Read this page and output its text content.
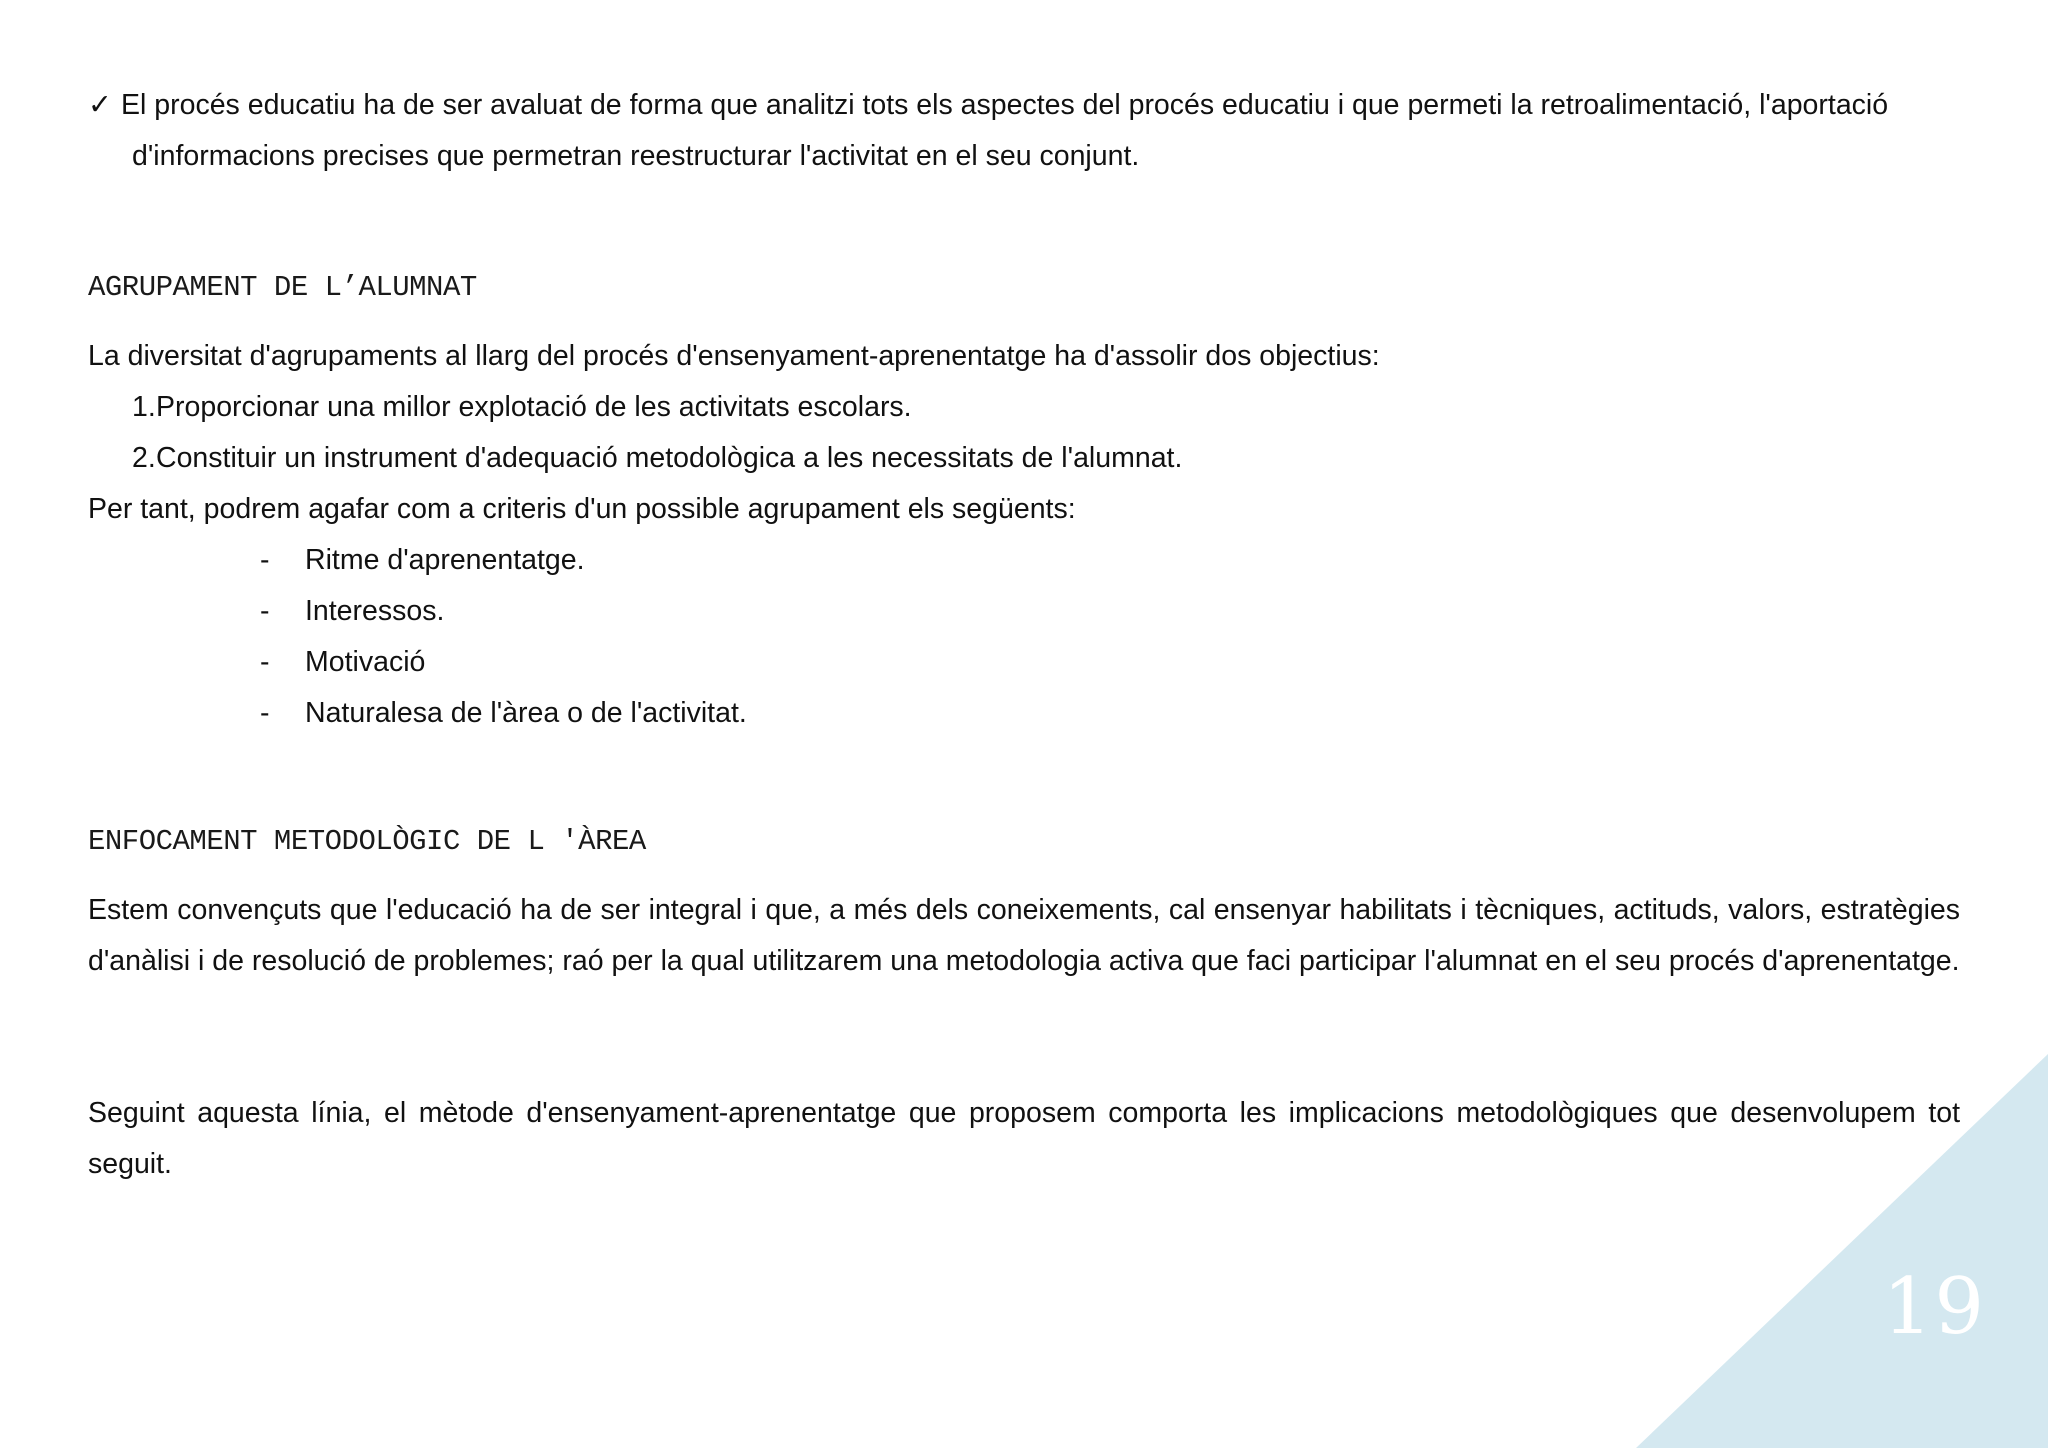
✓ El procés educatiu ha de ser avaluat de forma que analitzi tots els aspectes del procés educatiu i que permeti la retroalimentació, l'aportació
d'informacions precises que permetran reestructurar l'activitat en el seu conjunt.
AGRUPAMENT DE L’ALUMNAT
La diversitat d'agrupaments al llarg del procés d'ensenyament-aprenentatge ha d'assolir dos objectius:
1.Proporcionar una millor explotació de les activitats escolars.
2.Constituir un instrument d'adequació metodològica a les necessitats de l'alumnat.
Per tant, podrem agafar com a criteris d'un possible agrupament els següents:
- Ritme d'aprenentatge.
- Interessos.
- Motivació
- Naturalesa de l'àrea o de l'activitat.
ENFOCAMENT METODOLÒGIC DE L 'ÀREA
Estem convençuts que l'educació ha de ser integral i que, a més dels coneixements, cal ensenyar habilitats i tècniques, actituds, valors, estratègies d'anàlisi i de resolució de problemes; raó per la qual utilitzarem una metodologia activa que faci participar l'alumnat en el seu procés d'aprenentatge.
Seguint aquesta línia, el mètode d'ensenyament-aprenentatge que proposem comporta les implicacions metodològiques que desenvolupem tot seguit.
19
